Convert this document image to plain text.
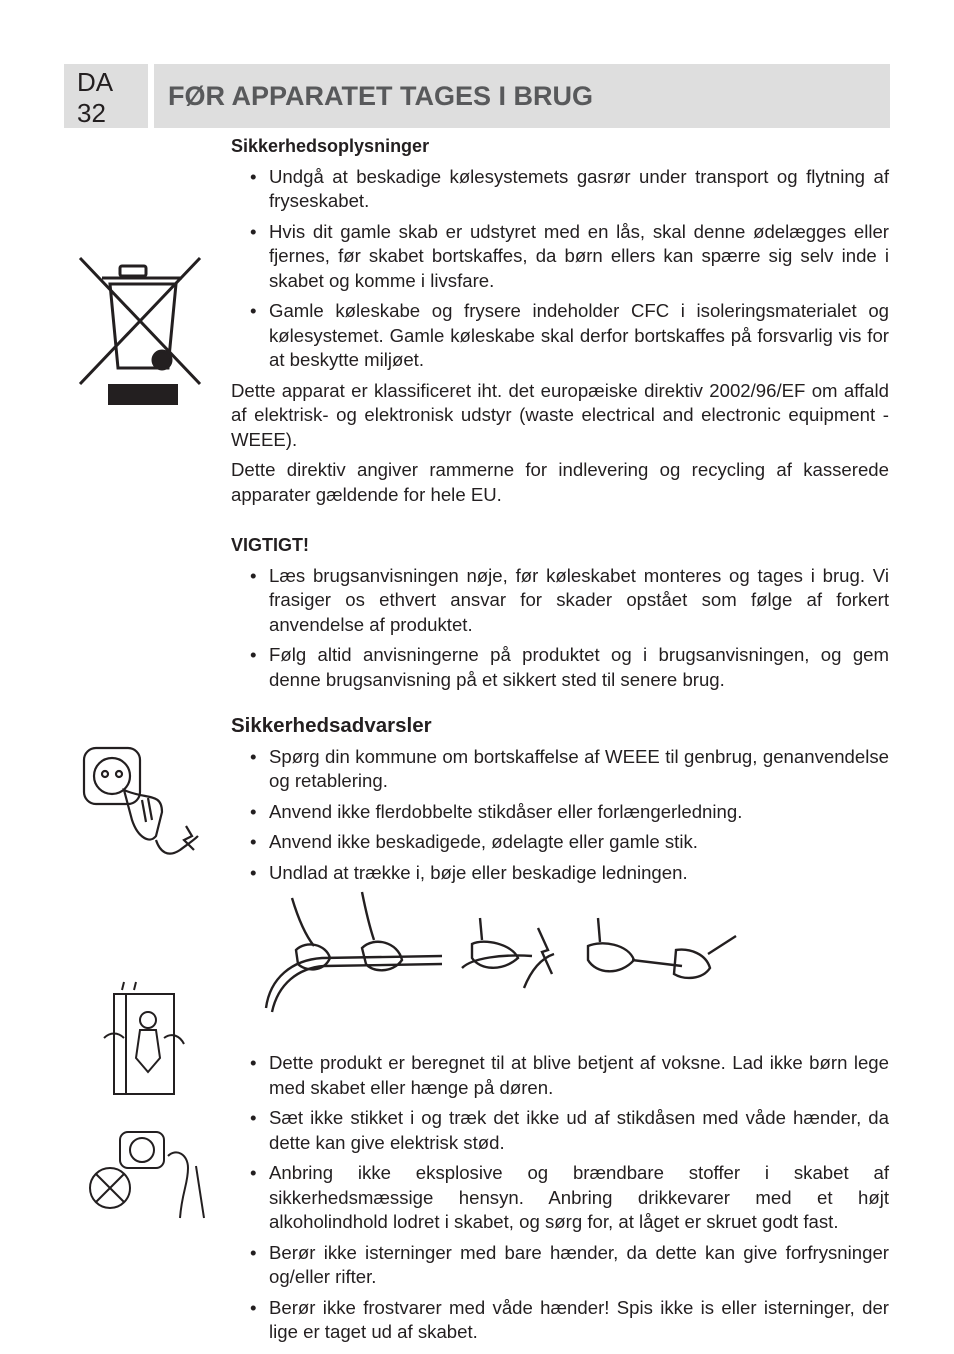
DA
32
FØR APPARATET TAGES I BRUG
Sikkerhedsoplysninger
• Undgå at beskadige kølesystemets gasrør under transport og flytning af fryseskabet.
• Hvis dit gamle skab er udstyret med en lås, skal denne ødelægges eller fjernes, før skabet bortskaffes, da børn ellers kan spærre sig selv inde i skabet og komme i livsfare.
• Gamle køleskabe og frysere indeholder CFC i isoleringsmaterialet og kølesystemet. Gamle køleskabe skal derfor bortskaffes på forsvarlig vis for at beskytte miljøet.

Dette apparat er klassificeret iht. det europæiske direktiv 2002/96/EF om affald af elektrisk- og elektronisk udstyr (waste electrical and electronic equipment - WEEE).

Dette direktiv angiver rammerne for indlevering og recycling af kasserede apparater gældende for hele EU.

VIGTIGT!
• Læs brugsanvisningen nøje, før køleskabet monteres og tages i brug. Vi frasiger os ethvert ansvar for skader opstået som følge af forkert anvendelse af produktet.
• Følg altid anvisningerne på produktet og i brugsanvisningen, og gem denne brugsanvisning på et sikkert sted til senere brug.
Sikkerhedsadvarsler
• Spørg din kommune om bortskaffelse af WEEE til genbrug, genanvendelse og retablering.
• Anvend ikke flerdobbelte stikdåser eller forlængerledning.
• Anvend ikke beskadigede, ødelagte eller gamle stik.
• Undlad at trække i, bøje eller beskadige ledningen.
• Dette produkt er beregnet til at blive betjent af voksne. Lad ikke børn lege med skabet eller hænge på døren.
• Sæt ikke stikket i og træk det ikke ud af stikdåsen med våde hænder, da dette kan give elektrisk stød.
• Anbring ikke eksplosive og brændbare stoffer i skabet af sikkerhedsmæssige hensyn. Anbring drikkevarer med et højt alkoholindhold lodret i skabet, og sørg for, at låget er skruet godt fast.
• Berør ikke isterninger med bare hænder, da dette kan give forfrysninger og/eller rifter.
• Berør ikke frostvarer med våde hænder! Spis ikke is eller isterninger, der lige er taget ud af skabet.
